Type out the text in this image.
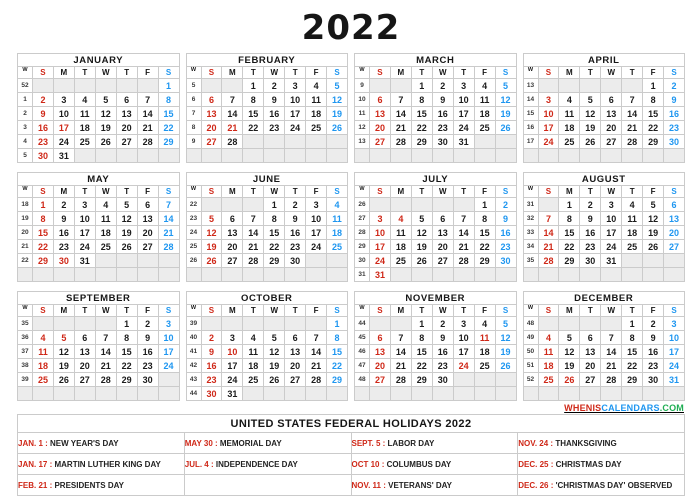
2022
JANUARY							
W	S	M	T	W	T	F	S
52							1
1	2	3	4	5	6	7	8
2	9	10	11	12	13	14	15
3	16	17	18	19	20	21	22
4	23	24	25	26	27	28	29
5	30	31					
FEBRUARY							
W	S	M	T	W	T	F	S
5			1	2	3	4	5
6	6	7	8	9	10	11	12
7	13	14	15	16	17	18	19
8	20	21	22	23	24	25	26
9	27	28					

MARCH							
W	S	M	T	W	T	F	S
9			1	2	3	4	5
10	6	7	8	9	10	11	12
11	13	14	15	16	17	18	19
12	20	21	22	23	24	25	26
13	27	28	29	30	31		

APRIL							
W	S	M	T	W	T	F	S
13						1	2
14	3	4	5	6	7	8	9
15	10	11	12	13	14	15	16
16	17	18	19	20	21	22	23
17	24	25	26	27	28	29	30

MAY							
W	S	M	T	W	T	F	S
18	1	2	3	4	5	6	7
19	8	9	10	11	12	13	14
20	15	16	17	18	19	20	21
21	22	23	24	25	26	27	28
22	29	30	31				

JUNE							
W	S	M	T	W	T	F	S
22				1	2	3	4
23	5	6	7	8	9	10	11
24	12	13	14	15	16	17	18
25	19	20	21	22	23	24	25
26	26	27	28	29	30		

JULY							
W	S	M	T	W	T	F	S
26						1	2
27	3	4	5	6	7	8	9
28	10	11	12	13	14	15	16
29	17	18	19	20	21	22	23
30	24	25	26	27	28	29	30
31	31						
AUGUST							
W	S	M	T	W	T	F	S
31		1	2	3	4	5	6
32	7	8	9	10	11	12	13
33	14	15	16	17	18	19	20
34	21	22	23	24	25	26	27
35	28	29	30	31			

SEPTEMBER							
W	S	M	T	W	T	F	S
35					1	2	3
36	4	5	6	7	8	9	10
37	11	12	13	14	15	16	17
38	18	19	20	21	22	23	24
39	25	26	27	28	29	30	

OCTOBER							
W	S	M	T	W	T	F	S
39							1
40	2	3	4	5	6	7	8
41	9	10	11	12	13	14	15
42	16	17	18	19	20	21	22
43	23	24	25	26	27	28	29
44	30	31					
NOVEMBER							
W	S	M	T	W	T	F	S
44			1	2	3	4	5
45	6	7	8	9	10	11	12
46	13	14	15	16	17	18	19
47	20	21	22	23	24	25	26
48	27	28	29	30			

DECEMBER							
W	S	M	T	W	T	F	S
48					1	2	3
49	4	5	6	7	8	9	10
50	11	12	13	14	15	16	17
51	18	19	20	21	22	23	24
52	25	26	27	28	29	30	31

WHENISCALENDARS.COM
UNITED STATES FEDERAL HOLIDAYS 2022			
JAN. 1 : NEW YEAR'S DAY	MAY 30 : MEMORIAL DAY	SEPT. 5 : LABOR DAY	NOV. 24 : THANKSGIVING
JAN. 17 : MARTIN LUTHER KING DAY	JUL. 4 : INDEPENDENCE DAY	OCT 10 : COLUMBUS DAY	DEC. 25 : CHRISTMAS DAY
FEB. 21 : PRESIDENTS DAY		NOV. 11 : VETERANS' DAY	DEC. 26 : 'CHRISTMAS DAY' OBSERVED
